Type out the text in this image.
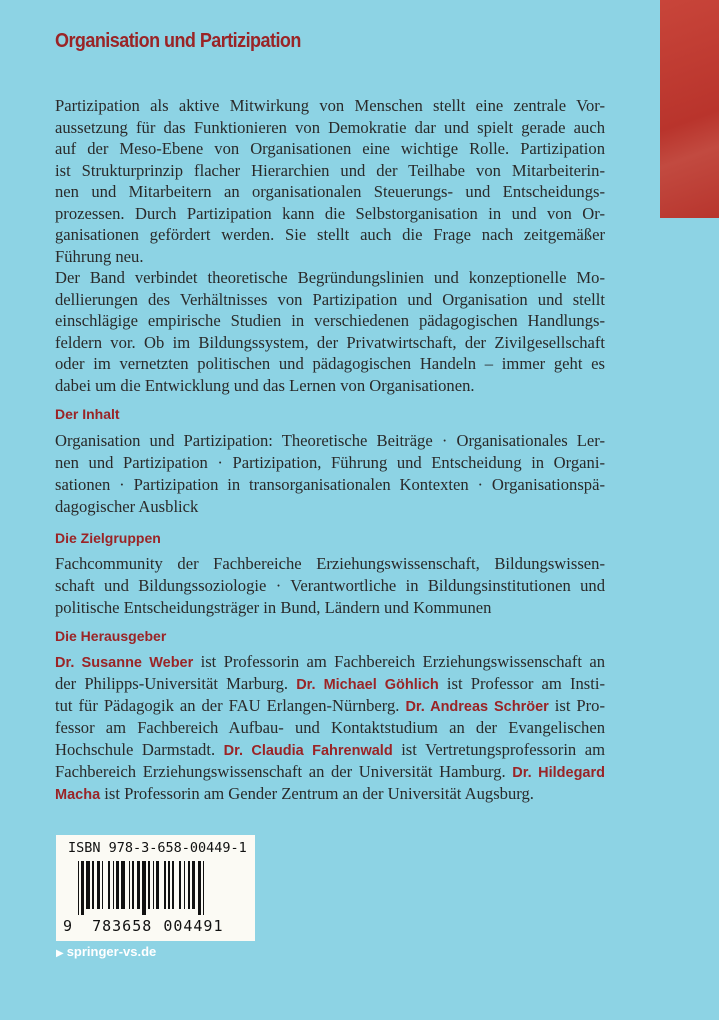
Organisation und Partizipation
Partizipation als aktive Mitwirkung von Menschen stellt eine zentrale Vor-
aussetzung für das Funktionieren von Demokratie dar und spielt gerade auch
auf der Meso-Ebene von Organisationen eine wichtige Rolle. Partizipation
ist Strukturprinzip flacher Hierarchien und der Teilhabe von Mitarbeiterin-
nen und Mitarbeitern an organisationalen Steuerungs- und Entscheidungs-
prozessen. Durch Partizipation kann die Selbstorganisation in und von Or-
ganisationen gefördert werden. Sie stellt auch die Frage nach zeitgemäßer
Führung neu.
Der Band verbindet theoretische Begründungslinien und konzeptionelle Mo-
dellierungen des Verhältnisses von Partizipation und Organisation und stellt
einschlägige empirische Studien in verschiedenen pädagogischen Handlungs-
feldern vor. Ob im Bildungssystem, der Privatwirtschaft, der Zivilgesellschaft
oder im vernetzten politischen und pädagogischen Handeln – immer geht es
dabei um die Entwicklung und das Lernen von Organisationen.
Der Inhalt
Organisation und Partizipation: Theoretische Beiträge · Organisationales Ler-
nen und Partizipation · Partizipation, Führung und Entscheidung in Organi-
sationen · Partizipation in transorganisationalen Kontexten · Organisationspä-
dagogischer Ausblick
Die Zielgruppen
Fachcommunity der Fachbereiche Erziehungswissenschaft, Bildungswissen-
schaft und Bildungssoziologie · Verantwortliche in Bildungsinstitutionen und
politische Entscheidungsträger in Bund, Ländern und Kommunen
Die Herausgeber
Dr. Susanne Weber ist Professorin am Fachbereich Erziehungswissenschaft an
der Philipps-Universität Marburg. Dr. Michael Göhlich ist Professor am Insti-
tut für Pädagogik an der FAU Erlangen-Nürnberg. Dr. Andreas Schröer ist Pro-
fessor am Fachbereich Aufbau- und Kontaktstudium an der Evangelischen
Hochschule Darmstadt. Dr. Claudia Fahrenwald ist Vertretungsprofessorin am
Fachbereich Erziehungswissenschaft an der Universität Hamburg. Dr. Hildegard
Macha ist Professorin am Gender Zentrum an der Universität Augsburg.
ISBN 978-3-658-00449-1
9 783658 004491
▶ springer-vs.de
